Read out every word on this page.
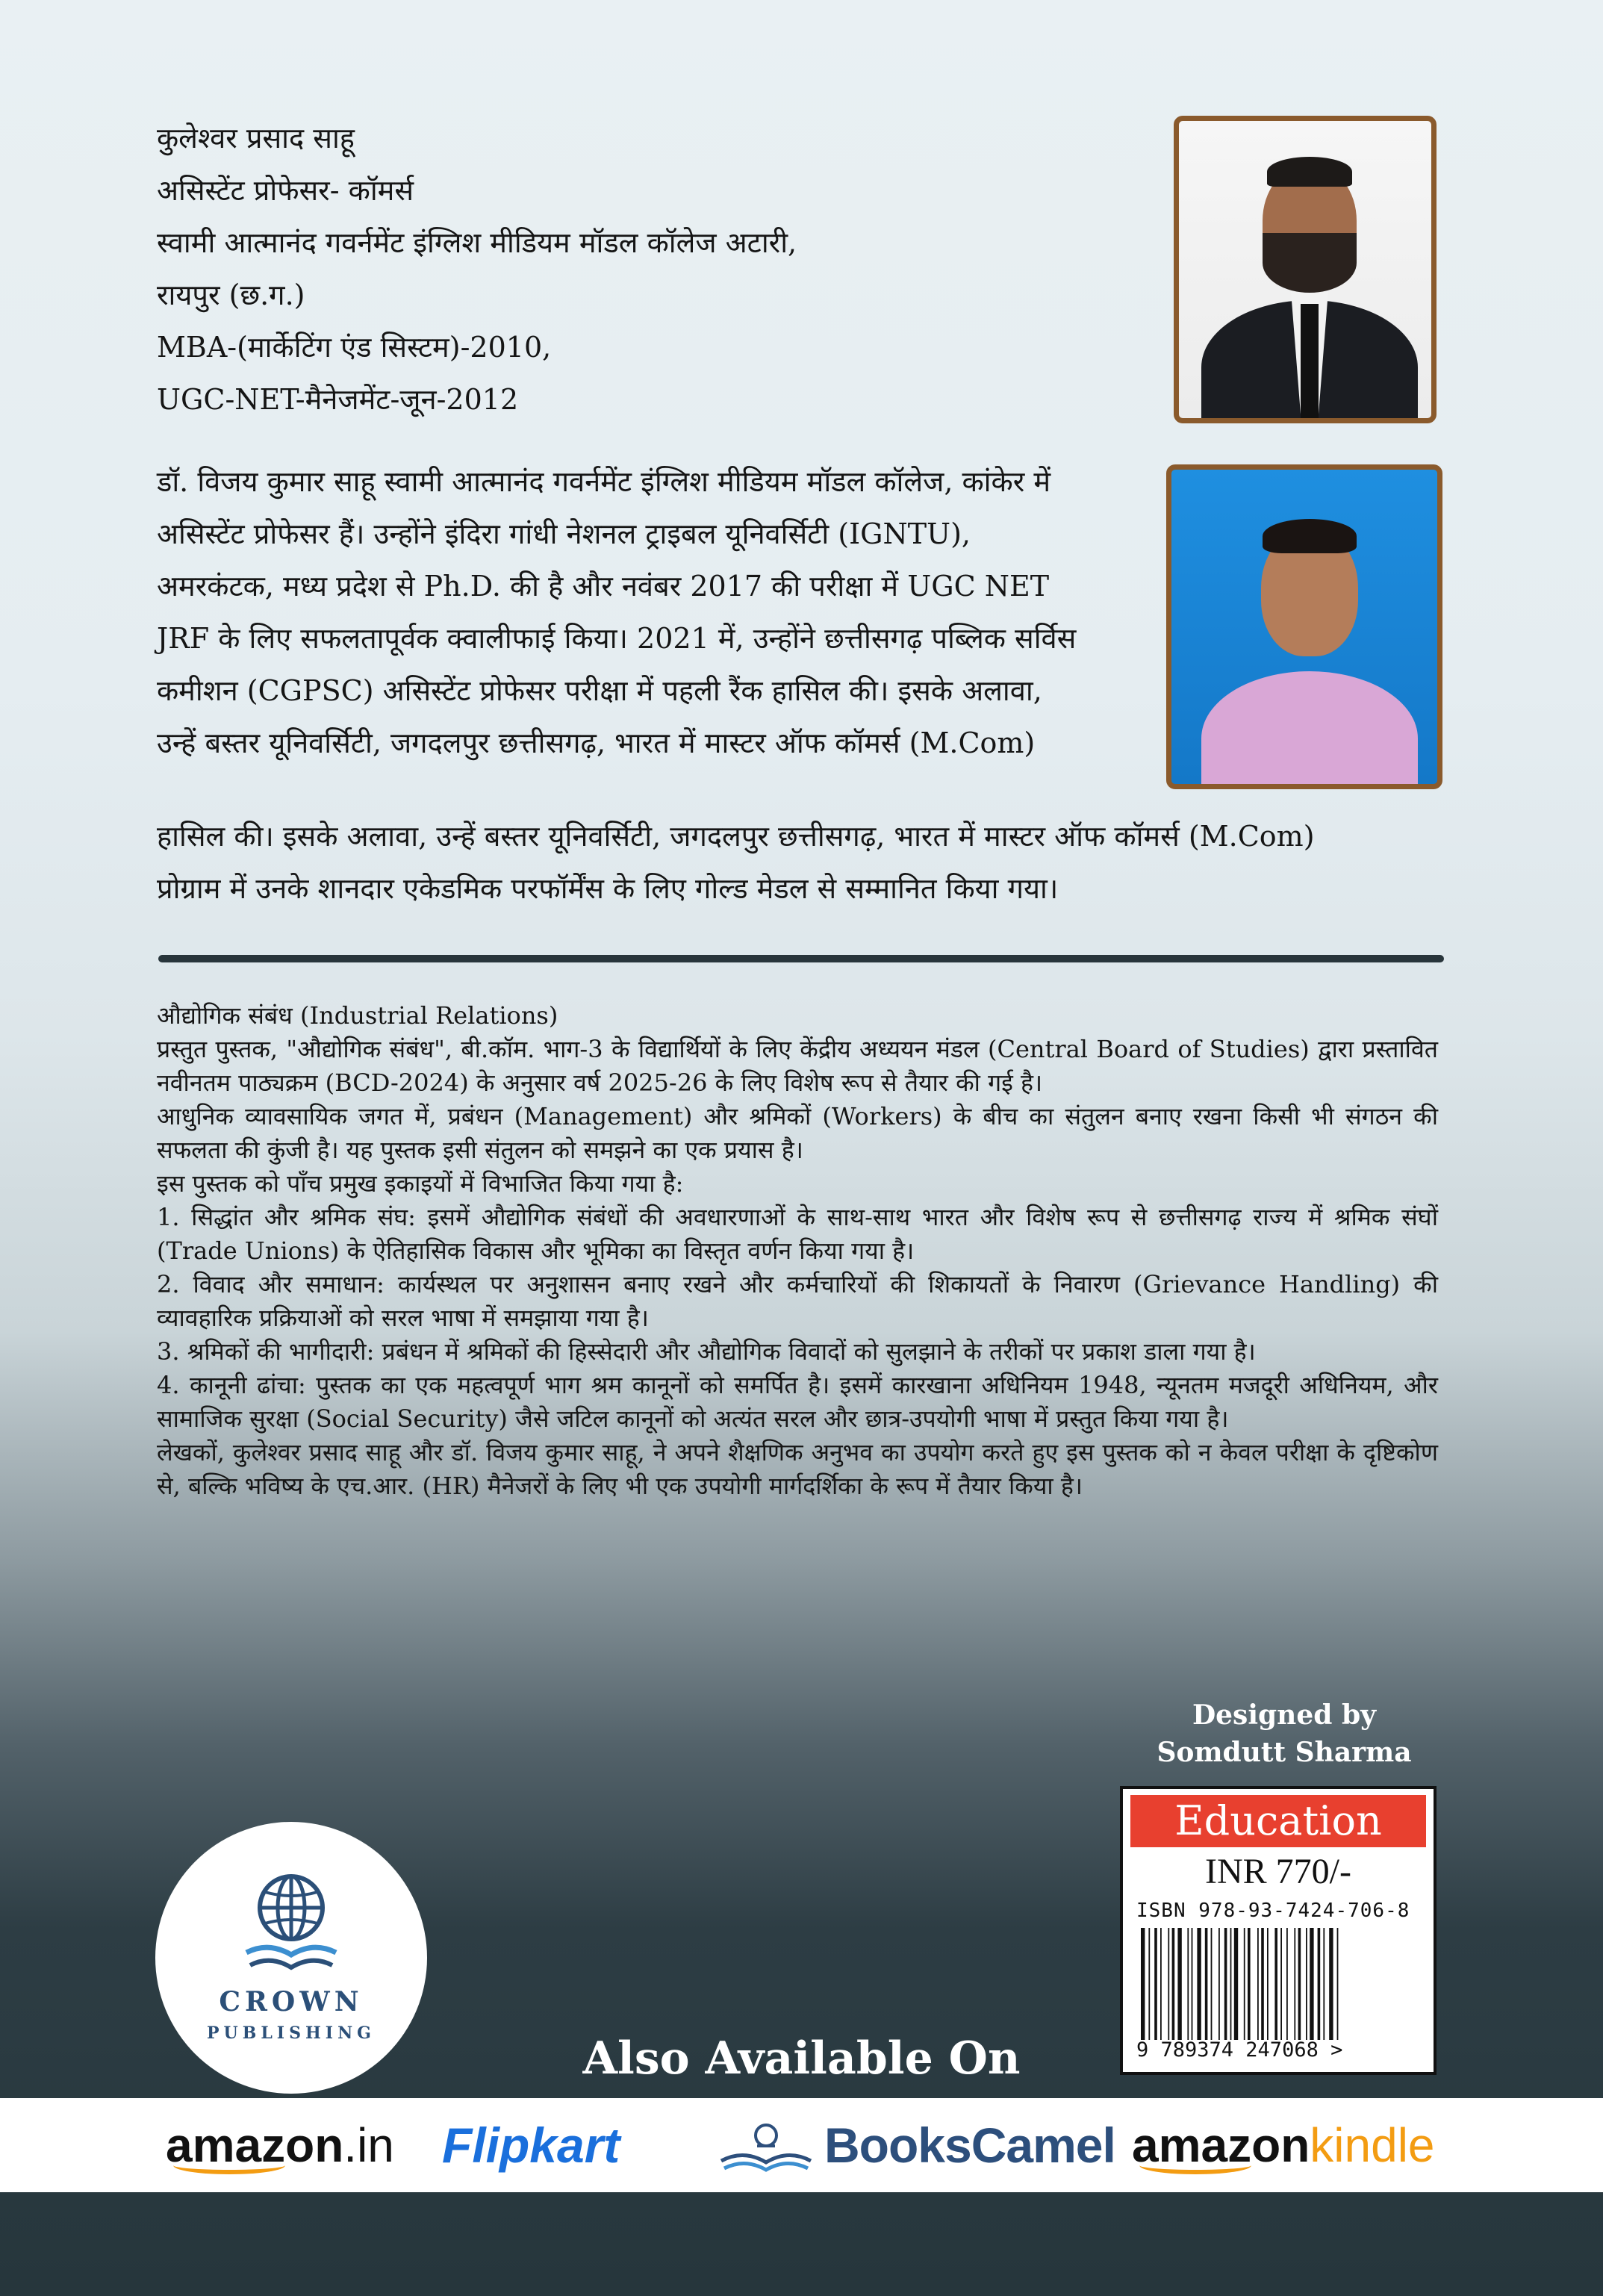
कुलेश्वर प्रसाद साहू
असिस्टेंट प्रोफेसर- कॉमर्स
स्वामी आत्मानंद गवर्नमेंट इंग्लिश मीडियम मॉडल कॉलेज अटारी,
रायपुर (छ.ग.)
MBA-(मार्केटिंग एंड सिस्टम)-2010,
UGC-NET-मैनेजमेंट-जून-2012
डॉ. विजय कुमार साहू स्वामी आत्मानंद गवर्नमेंट इंग्लिश मीडियम मॉडल कॉलेज, कांकेर में
असिस्टेंट प्रोफेसर हैं। उन्होंने इंदिरा गांधी नेशनल ट्राइबल यूनिवर्सिटी (IGNTU),
अमरकंटक, मध्य प्रदेश से Ph.D. की है और नवंबर 2017 की परीक्षा में UGC NET
JRF के लिए सफलतापूर्वक क्वालीफाई किया। 2021 में, उन्होंने छत्तीसगढ़ पब्लिक सर्विस
कमीशन (CGPSC) असिस्टेंट प्रोफेसर परीक्षा में पहली रैंक हासिल की। इसके अलावा,
उन्हें बस्तर यूनिवर्सिटी, जगदलपुर छत्तीसगढ़, भारत में मास्टर ऑफ कॉमर्स (M.Com)
हासिल की। इसके अलावा, उन्हें बस्तर यूनिवर्सिटी, जगदलपुर छत्तीसगढ़, भारत में मास्टर ऑफ कॉमर्स (M.Com)
प्रोग्राम में उनके शानदार एकेडमिक परफॉर्मेंस के लिए गोल्ड मेडल से सम्मानित किया गया।

औद्योगिक संबंध (Industrial Relations)

प्रस्तुत पुस्तक, "औद्योगिक संबंध", बी.कॉम. भाग-3 के विद्यार्थियों के लिए केंद्रीय अध्ययन मंडल (Central Board of Studies) द्वारा प्रस्तावित नवीनतम पाठ्यक्रम (BCD-2024) के अनुसार वर्ष 2025-26 के लिए विशेष रूप से तैयार की गई है।

आधुनिक व्यावसायिक जगत में, प्रबंधन (Management) और श्रमिकों (Workers) के बीच का संतुलन बनाए रखना किसी भी संगठन की सफलता की कुंजी है। यह पुस्तक इसी संतुलन को समझने का एक प्रयास है।

इस पुस्तक को पाँच प्रमुख इकाइयों में विभाजित किया गया है:

1. सिद्धांत और श्रमिक संघ: इसमें औद्योगिक संबंधों की अवधारणाओं के साथ-साथ भारत और विशेष रूप से छत्तीसगढ़ राज्य में श्रमिक संघों (Trade Unions) के ऐतिहासिक विकास और भूमिका का विस्तृत वर्णन किया गया है।

2. विवाद और समाधान: कार्यस्थल पर अनुशासन बनाए रखने और कर्मचारियों की शिकायतों के निवारण (Grievance Handling) की व्यावहारिक प्रक्रियाओं को सरल भाषा में समझाया गया है।

3. श्रमिकों की भागीदारी: प्रबंधन में श्रमिकों की हिस्सेदारी और औद्योगिक विवादों को सुलझाने के तरीकों पर प्रकाश डाला गया है।

4. कानूनी ढांचा: पुस्तक का एक महत्वपूर्ण भाग श्रम कानूनों को समर्पित है। इसमें कारखाना अधिनियम 1948, न्यूनतम मजदूरी अधिनियम, और सामाजिक सुरक्षा (Social Security) जैसे जटिल कानूनों को अत्यंत सरल और छात्र-उपयोगी भाषा में प्रस्तुत किया गया है।

लेखकों, कुलेश्वर प्रसाद साहू और डॉ. विजय कुमार साहू, ने अपने शैक्षणिक अनुभव का उपयोग करते हुए इस पुस्तक को न केवल परीक्षा के दृष्टिकोण से, बल्कि भविष्य के एच.आर. (HR) मैनेजरों के लिए भी एक उपयोगी मार्गदर्शिका के रूप में तैयार किया है।

Designed by
Somdutt Sharma
Education
INR 770/-
ISBN 978-93-7424-706-8
9 789374 247068 >
CROWN
PUBLISHING	Also Available On
amazon.in Flipkart	BooksCamel amazonkindle
